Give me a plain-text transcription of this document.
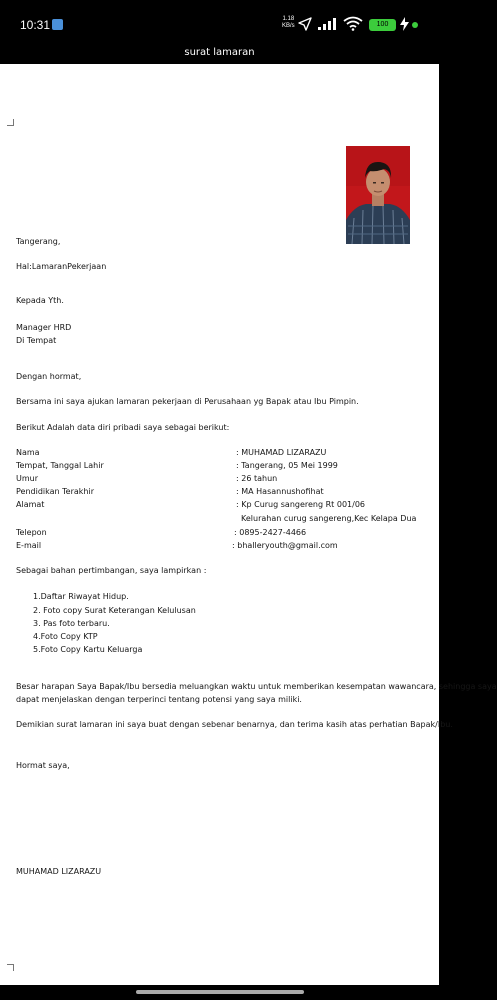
10:31	1.18
KB/s	100
surat lamaran
Tangerang,
Hal:LamaranPekerjaan
Kepada Yth.
Manager HRD
Di Tempat
Dengan hormat,
Bersama ini saya ajukan lamaran pekerjaan di Perusahaan yg Bapak atau Ibu Pimpin.
Berikut Adalah data diri pribadi saya sebagai berikut:
Nama	: MUHAMAD LIZARAZU
Tempat, Tanggal Lahir	: Tangerang, 05 Mei 1999
Umur	: 26 tahun
Pendidikan Terakhir	: MA Hasannushofihat
Alamat	: Kp Curug sangereng Rt 001/06
Kelurahan curug sangereng,Kec Kelapa Dua
Telepon	: 0895-2427-4466
E-mail	: bhalleryouth@gmail.com
Sebagai bahan pertimbangan, saya lampirkan :
1.Daftar Riwayat Hidup.
2. Foto copy Surat Keterangan Kelulusan
3. Pas foto terbaru.
4.Foto Copy KTP
5.Foto Copy Kartu Keluarga
Besar harapan Saya Bapak/Ibu bersedia meluangkan waktu untuk memberikan kesempatan wawancara, sehingga saya
dapat menjelaskan dengan terperinci tentang potensi yang saya miliki.
Demikian surat lamaran ini saya buat dengan sebenar benarnya, dan terima kasih atas perhatian Bapak/Ibu.
Hormat saya,
MUHAMAD LIZARAZU
